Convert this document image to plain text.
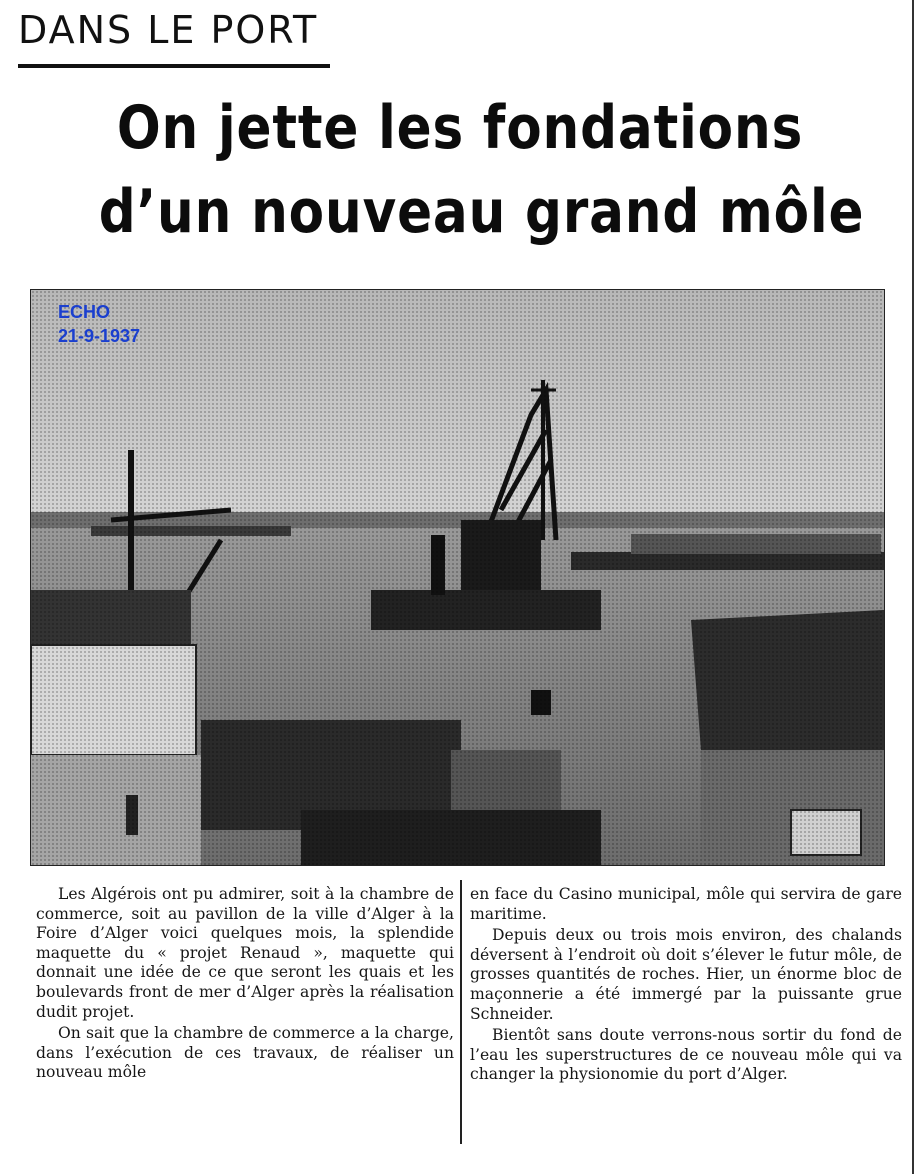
DANS LE PORT
On jette les fondations
d’un nouveau grand môle
ECHO
21-9-1937

Les Algérois ont pu admirer, soit à la chambre de commerce, soit au pavillon de la ville d’Alger à la Foire d’Alger voici quelques mois, la splendide maquette du « projet Renaud », maquette qui donnait une idée de ce que seront les quais et les boulevards front de mer d’Alger après la réalisation dudit projet.

On sait que la chambre de commerce a la charge, dans l’exécution de ces travaux, de réaliser un nouveau môle

en face du Casino municipal, môle qui servira de gare maritime.

Depuis deux ou trois mois environ, des chalands déversent à l’endroit où doit s’élever le futur môle, de grosses quantités de roches. Hier, un énorme bloc de maçonnerie a été immergé par la puissante grue Schneider.

Bientôt sans doute verrons-nous sortir du fond de l’eau les superstructures de ce nouveau môle qui va changer la physionomie du port d’Alger.
